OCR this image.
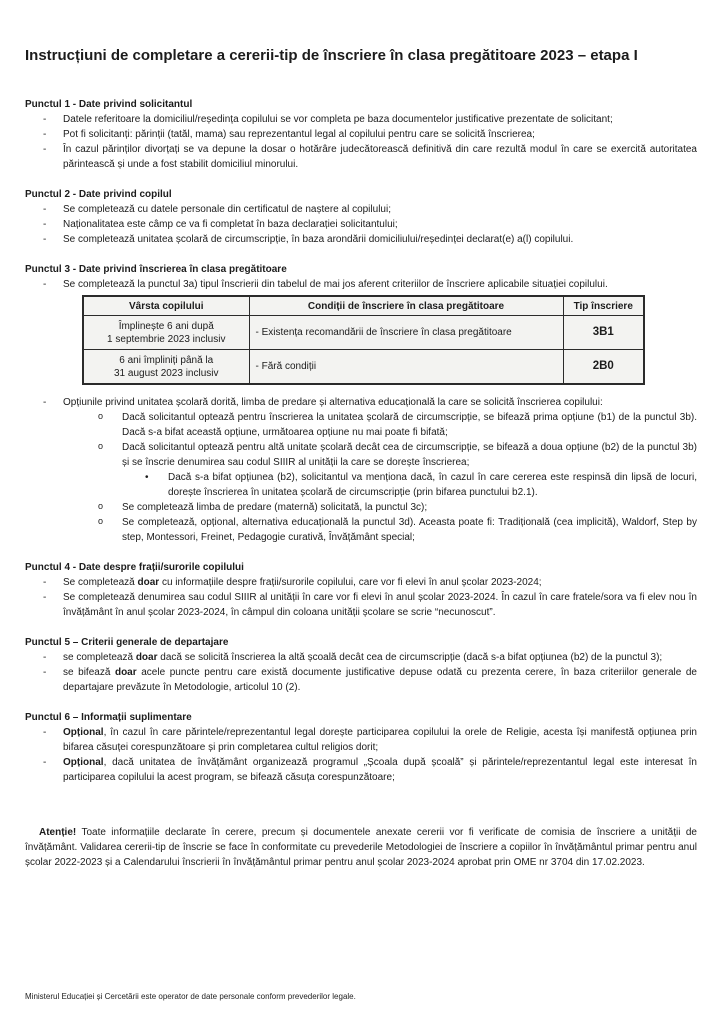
Instrucțiuni de completare a cererii-tip de înscriere în clasa pregătitoare 2023 – etapa I
Punctul 1 - Date privind solicitantul
- Datele referitoare la domiciliul/reședința copilului se vor completa pe baza documentelor justificative prezentate de solicitant;
- Pot fi solicitanți: părinții (tatăl, mama) sau reprezentantul legal al copilului pentru care se solicită înscrierea;
- În cazul părinților divorțați se va depune la dosar o hotărâre judecătorească definitivă din care rezultă modul în care se exercită autoritatea părintească și unde a fost stabilit domiciliul minorului.
Punctul 2 - Date privind copilul
- Se completează cu datele personale din certificatul de naștere al copilului;
- Naționalitatea este câmp ce va fi completat în baza declarației solicitantului;
- Se completează unitatea școlară de circumscripție, în baza arondării domiciliului/reședinței declarat(e) a(l) copilului.
Punctul 3 - Date privind înscrierea în clasa pregătitoare
- Se completează la punctul 3a) tipul înscrierii din tabelul de mai jos aferent criteriilor de înscriere aplicabile situației copilului.
Vârsta copilului	Condiții de înscriere în clasa pregătitoare	Tip înscriere

Împlinește 6 ani după
1 septembrie 2023 inclusiv	- Existența recomandării de înscriere în clasa pregătitoare	3B1

6 ani împliniți până la
31 august 2023 inclusiv	- Fără condiții	2B0
- Opțiunile privind unitatea școlară dorită, limba de predare și alternativa educațională la care se solicită înscrierea copilului:
o Dacă solicitantul optează pentru înscrierea la unitatea școlară de circumscripție, se bifează prima opțiune (b1) de la punctul 3b). Dacă s-a bifat această opțiune, următoarea opțiune nu mai poate fi bifată;
o Dacă solicitantul optează pentru altă unitate școlară decât cea de circumscripție, se bifează a doua opțiune (b2) de la punctul 3b) și se înscrie denumirea sau codul SIIIR al unității la care se dorește înscrierea;
• Dacă s-a bifat opțiunea (b2), solicitantul va menționa dacă, în cazul în care cererea este respinsă din lipsă de locuri, dorește înscrierea în unitatea școlară de circumscripție (prin bifarea punctului b2.1).
o Se completează limba de predare (maternă) solicitată, la punctul 3c);
o Se completează, opțional, alternativa educațională la punctul 3d). Aceasta poate fi: Tradițională (cea implicită), Waldorf, Step by step, Montessori, Freinet, Pedagogie curativă, Învățământ special;
Punctul 4 - Date despre frații/surorile copilului
- Se completează doar cu informațiile despre frații/surorile copilului, care vor fi elevi în anul școlar 2023-2024;
- Se completează denumirea sau codul SIIIR al unității în care vor fi elevi în anul școlar 2023-2024. În cazul în care fratele/sora va fi elev nou în învățământ în anul școlar 2023-2024, în câmpul din coloana unității școlare se scrie “necunoscut”.
Punctul 5 – Criterii generale de departajare
- se completează doar dacă se solicită înscrierea la altă școală decât cea de circumscripție (dacă s-a bifat opțiunea (b2) de la punctul 3);
- se bifează doar acele puncte pentru care există documente justificative depuse odată cu prezenta cerere, în baza criteriilor generale de departajare prevăzute în Metodologie, articolul 10 (2).
Punctul 6 – Informații suplimentare
- Opțional, în cazul în care părintele/reprezentantul legal dorește participarea copilului la orele de Religie, acesta își manifestă opțiunea prin bifarea căsuței corespunzătoare și prin completarea cultul religios dorit;
- Opțional, dacă unitatea de învățământ organizează programul „Școala după școală” și părintele/reprezentantul legal este interesat în participarea copilului la acest program, se bifează căsuța corespunzătoare;

Atenție! Toate informațiile declarate în cerere, precum și documentele anexate cererii vor fi verificate de comisia de înscriere a unității de învățământ. Validarea cererii-tip de înscrie se face în conformitate cu prevederile Metodologiei de înscriere a copiilor în învățământul primar pentru anul școlar 2022-2023 și a Calendarului înscrierii în învățământul primar pentru anul școlar 2023-2024 aprobat prin OME nr 3704 din 17.02.2023.

Ministerul Educației și Cercetării este operator de date personale conform prevederilor legale.
